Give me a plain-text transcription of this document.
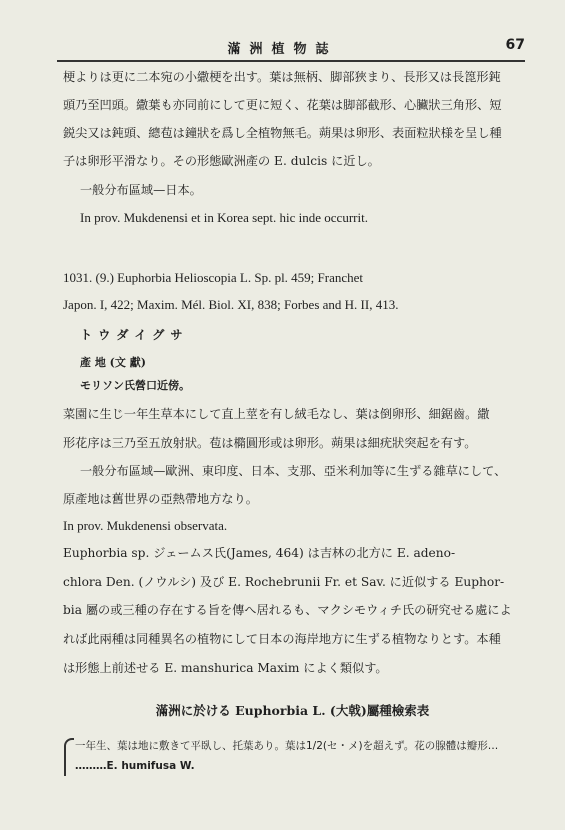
滿洲植物誌	67
梗よりは更に二本宛の小繖梗を出す。葉は無柄、脚部狹まり、長形又は長箆形鈍
頭乃至凹頭。繖葉も亦同前にして更に短く、花葉は脚部截形、心臟狀三角形、短
鋭尖又は鈍頭、總苞は鐘狀を爲し全植物無毛。蒴果は卵形、表面粒狀様を呈し種
子は卵形平滑なり。その形態歐洲產の E. dulcis に近し。
一般分布區域—日本。
In prov. Mukdenensi et in Korea sept. hic inde occurrit.
1031. (9.) Euphorbia Helioscopia L. Sp. pl. 459; Franchet
Japon. I, 422; Maxim. Mél. Biol. XI, 838; Forbes and H. II, 413.
トウダイグサ
產 地 (文 獻)
モリソン氏營口近傍。
菜園に生じ一年生草本にして直上莖を有し絨毛なし、葉は倒卵形、細鋸齒。繖
形花序は三乃至五放射狀。苞は橢圓形或は卵形。蒴果は細疣狀突起を有す。
一般分布區域—歐洲、東印度、日本、支那、亞米利加等に生ずる雜草にして、
原產地は舊世界の亞熱帶地方なり。
In prov. Mukdenensi observata.
Euphorbia sp. ジェームス氏(James, 464) は吉林の北方に E. adeno-
chlora Den. (ノウルシ) 及び E. Rochebrunii Fr. et Sav. に近似する Euphor-
bia 屬の或三種の存在する旨を傳へ居れるも、マクシモウィチ氏の研究せる處によ
れば此兩種は同種異名の植物にして日本の海岸地方に生ずる植物なりとす。本種
は形態上前述せる E. manshurica Maxim によく類似す。
滿洲に於ける Euphorbia L. (大戟)屬種檢索表
一年生、葉は地に敷きて平臥し、托葉あり。葉は1/2(セ・メ)を超えず。花の腺體は瓣形…
………E. humifusa W.
